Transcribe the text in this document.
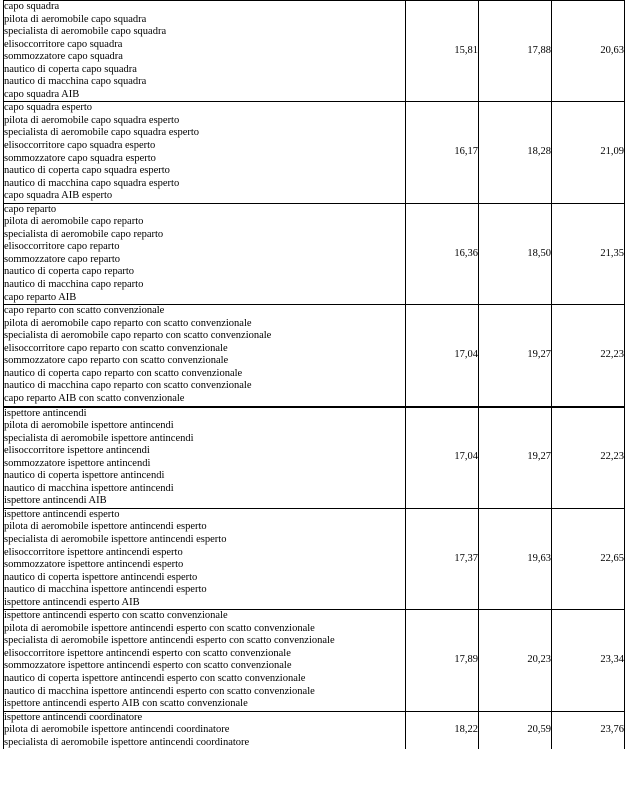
capo squadra
pilota di aeromobile capo squadra
specialista di aeromobile capo squadra
elisoccorritore capo squadra
sommozzatore capo squadra
nautico di coperta capo squadra
nautico di macchina capo squadra
capo squadra AIB
	15,81	17,88	20,63

capo squadra esperto
pilota di aeromobile capo squadra esperto
specialista di aeromobile capo squadra esperto
elisoccorritore capo squadra esperto
sommozzatore capo squadra esperto
nautico di coperta capo squadra esperto
nautico di macchina capo squadra esperto
capo squadra AIB esperto
	16,17	18,28	21,09

capo reparto
pilota di aeromobile capo reparto
specialista di aeromobile capo reparto
elisoccorritore capo reparto
sommozzatore capo reparto
nautico di coperta capo reparto
nautico di macchina capo reparto
capo reparto AIB
	16,36	18,50	21,35

capo reparto con scatto convenzionale
pilota di aeromobile capo reparto con scatto convenzionale
specialista di aeromobile capo reparto con scatto convenzionale
elisoccorritore capo reparto con scatto convenzionale
sommozzatore capo reparto con scatto convenzionale
nautico di coperta capo reparto con scatto convenzionale
nautico di macchina capo reparto con scatto convenzionale
capo reparto AIB con scatto convenzionale
	17,04	19,27	22,23

ispettore antincendi
pilota di aeromobile ispettore antincendi
specialista di aeromobile ispettore antincendi
elisoccorritore ispettore antincendi
sommozzatore ispettore antincendi
nautico di coperta ispettore antincendi
nautico di macchina ispettore antincendi
ispettore antincendi AIB
	17,04	19,27	22,23

ispettore antincendi esperto
pilota di aeromobile ispettore antincendi esperto
specialista di aeromobile ispettore antincendi esperto
elisoccorritore ispettore antincendi esperto
sommozzatore ispettore antincendi esperto
nautico di coperta ispettore antincendi esperto
nautico di macchina ispettore antincendi esperto
ispettore antincendi esperto AIB
	17,37	19,63	22,65

ispettore antincendi esperto con scatto convenzionale
pilota di aeromobile ispettore antincendi esperto con scatto convenzionale
specialista di aeromobile ispettore antincendi esperto con scatto convenzionale
elisoccorritore ispettore antincendi esperto con scatto convenzionale
sommozzatore ispettore antincendi esperto con scatto convenzionale
nautico di coperta ispettore antincendi esperto con scatto convenzionale
nautico di macchina ispettore antincendi esperto con scatto convenzionale
ispettore antincendi esperto AIB con scatto convenzionale
	17,89	20,23	23,34

ispettore antincendi coordinatore
pilota di aeromobile ispettore antincendi coordinatore
specialista di aeromobile ispettore antincendi coordinatore	18,22	20,59	23,76
